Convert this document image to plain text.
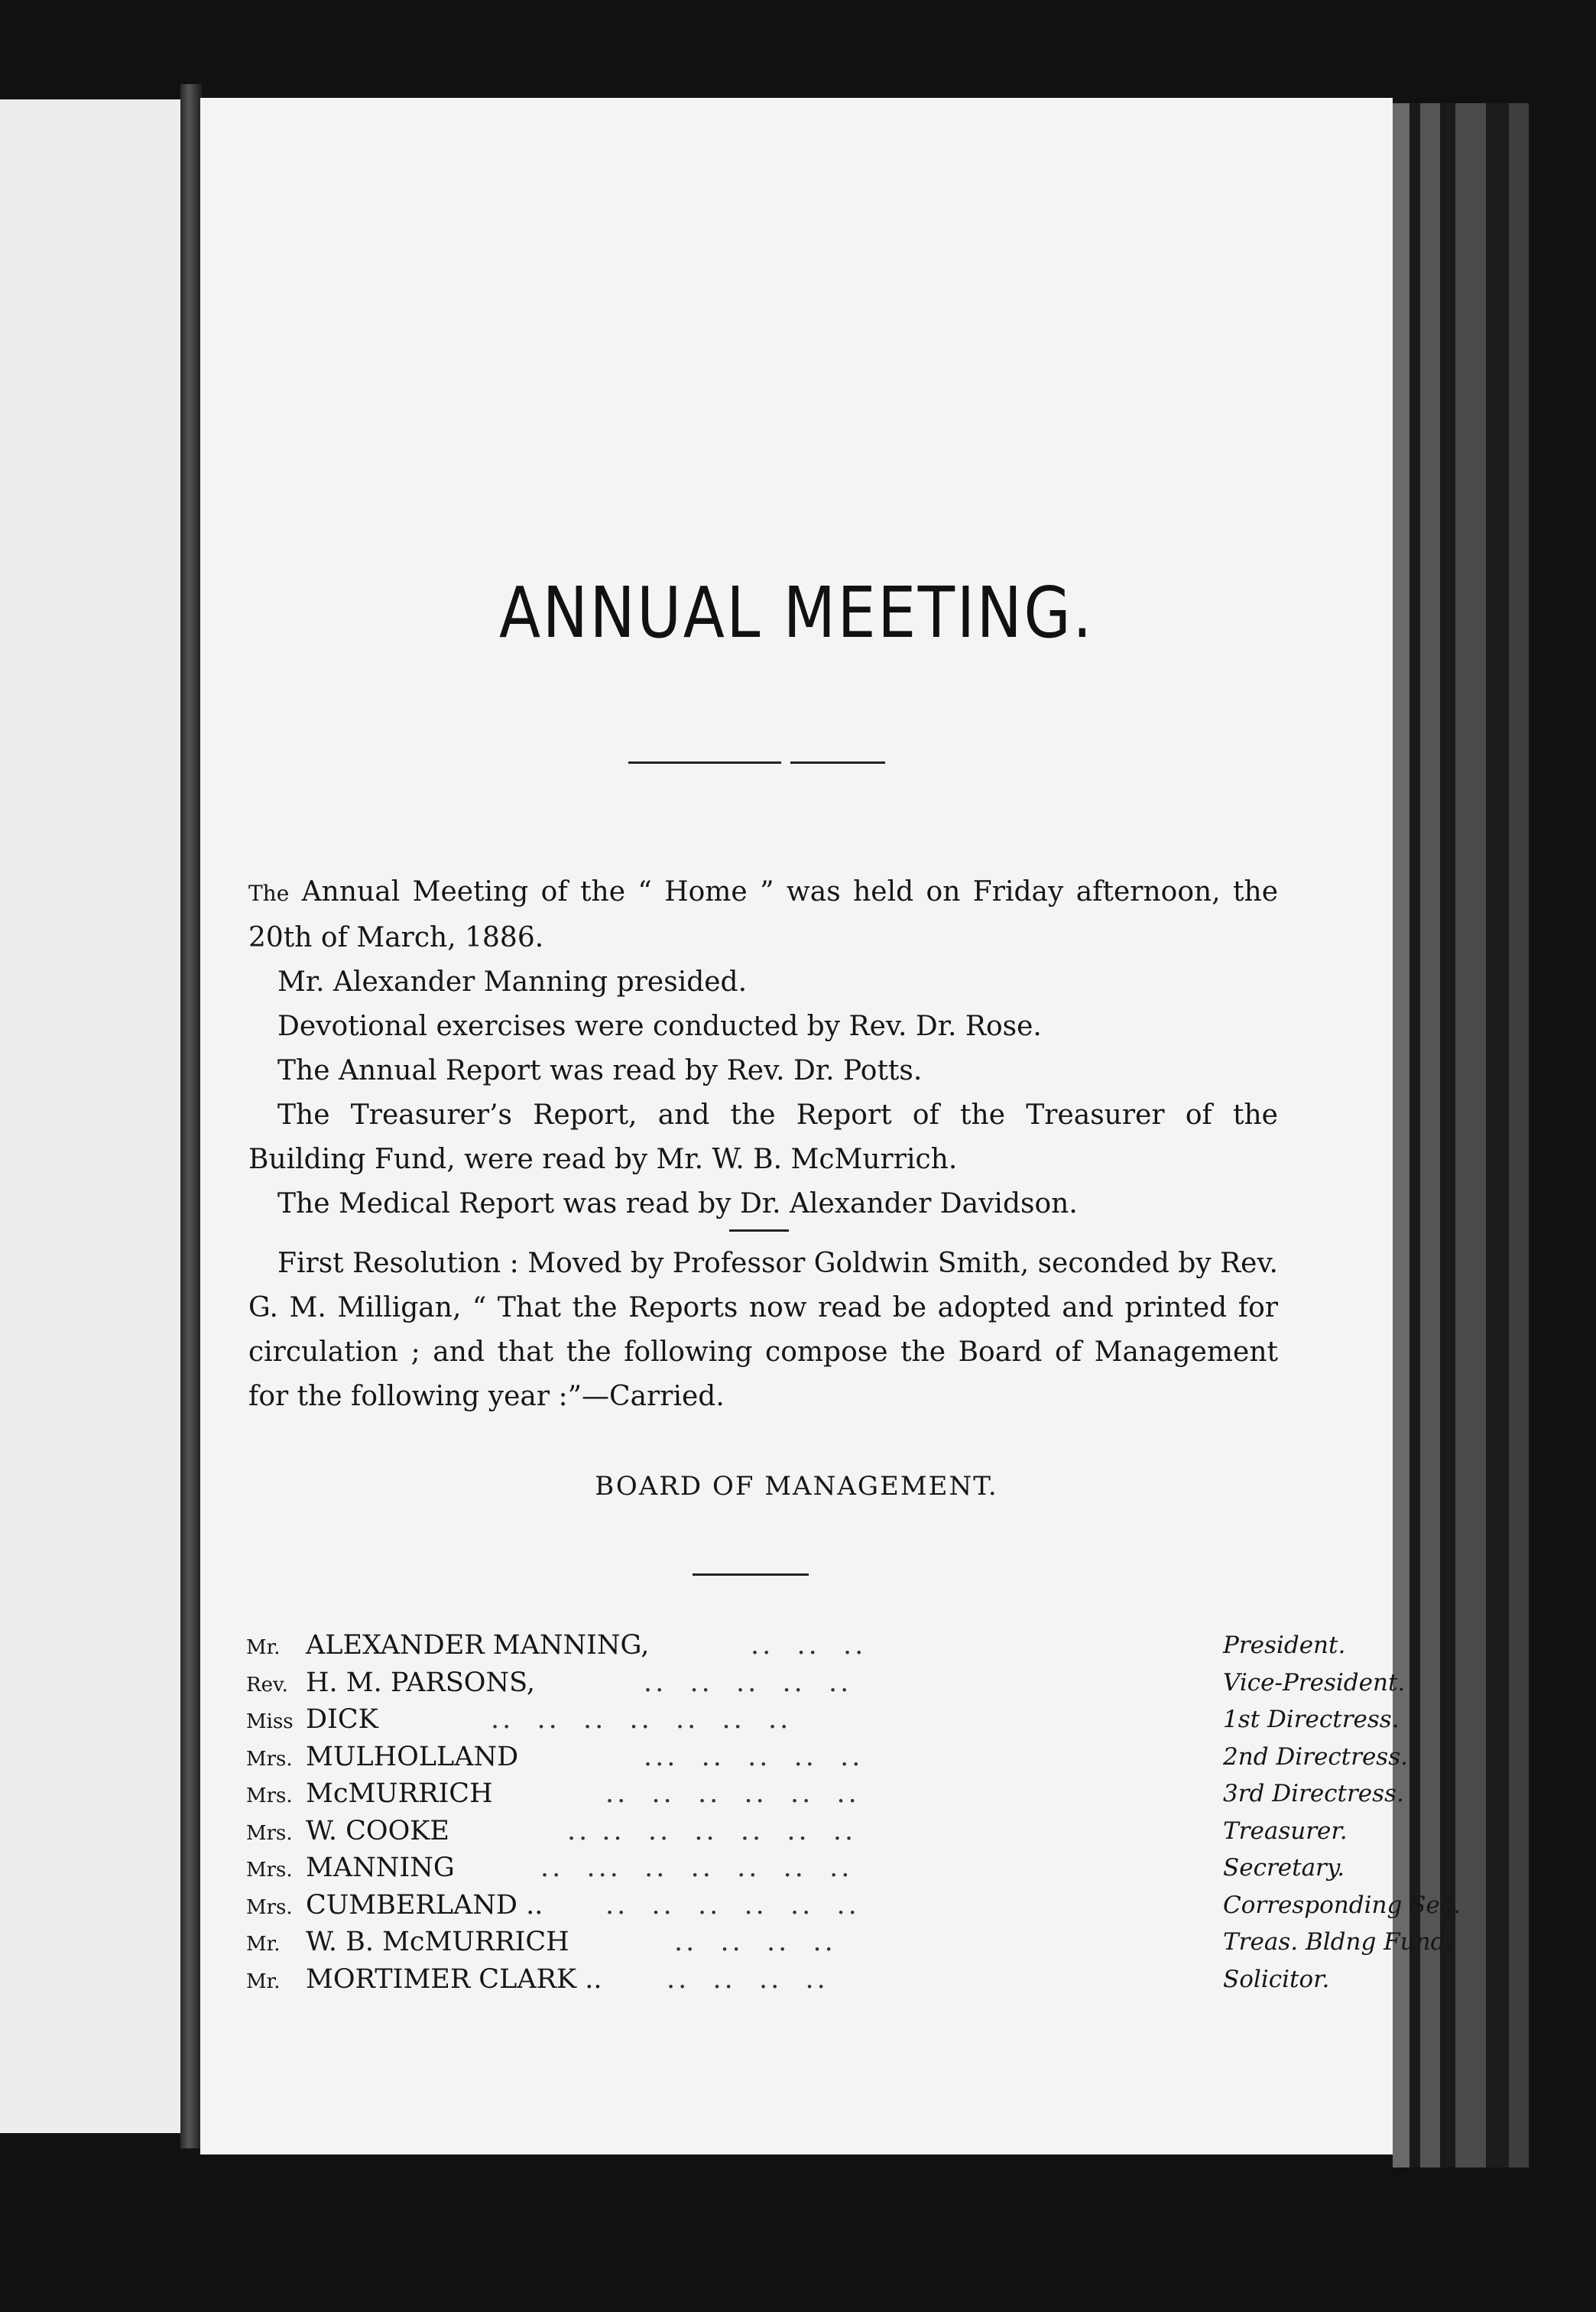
ANNUAL MEETING.

The Annual Meeting of the “ Home ” was held on Friday afternoon, the 20th of March, 1886.

Mr. Alexander Manning presided.

Devotional exercises were conducted by Rev. Dr. Rose.

The Annual Report was read by Rev. Dr. Potts.

The Treasurer’s Report, and the Report of the Treasurer of the Building Fund, were read by Mr. W. B. McMurrich.

The Medical Report was read by Dr. Alexander Davidson.

First Resolution : Moved by Professor Goldwin Smith, seconded by Rev. G. M. Milligan, “ That the Reports now read be adopted and printed for circulation ; and that the following compose the Board of Management for the following year :”—Carried.

BOARD OF MANAGEMENT.
Mr. ALEXANDER MANNING,	..  ..  ..	President.
Rev. H. M. PARSONS,	..  ..  ..  ..  ..	Vice-President.
Miss DICK	..  ..  ..  ..  ..  ..  ..	1st Directress.
Mrs. MULHOLLAND	...  ..  ..  ..  ..	2nd Directress.
Mrs. McMURRICH	..  ..  ..  ..  ..  ..	3rd Directress.
Mrs. W. COOKE	.. ..  ..  ..  ..  ..  ..	Treasurer.
Mrs. MANNING	..  ...  ..  ..  ..  ..  ..	Secretary.
Mrs. CUMBERLAND .. ..  ..  ..  ..  ..  ..	Corresponding Sec.
Mr. W. B. McMURRICH	..  ..  ..  ..	Treas. Bldng Fund.
Mr. MORTIMER CLARK .. ..  ..  ..  ..	Solicitor.
